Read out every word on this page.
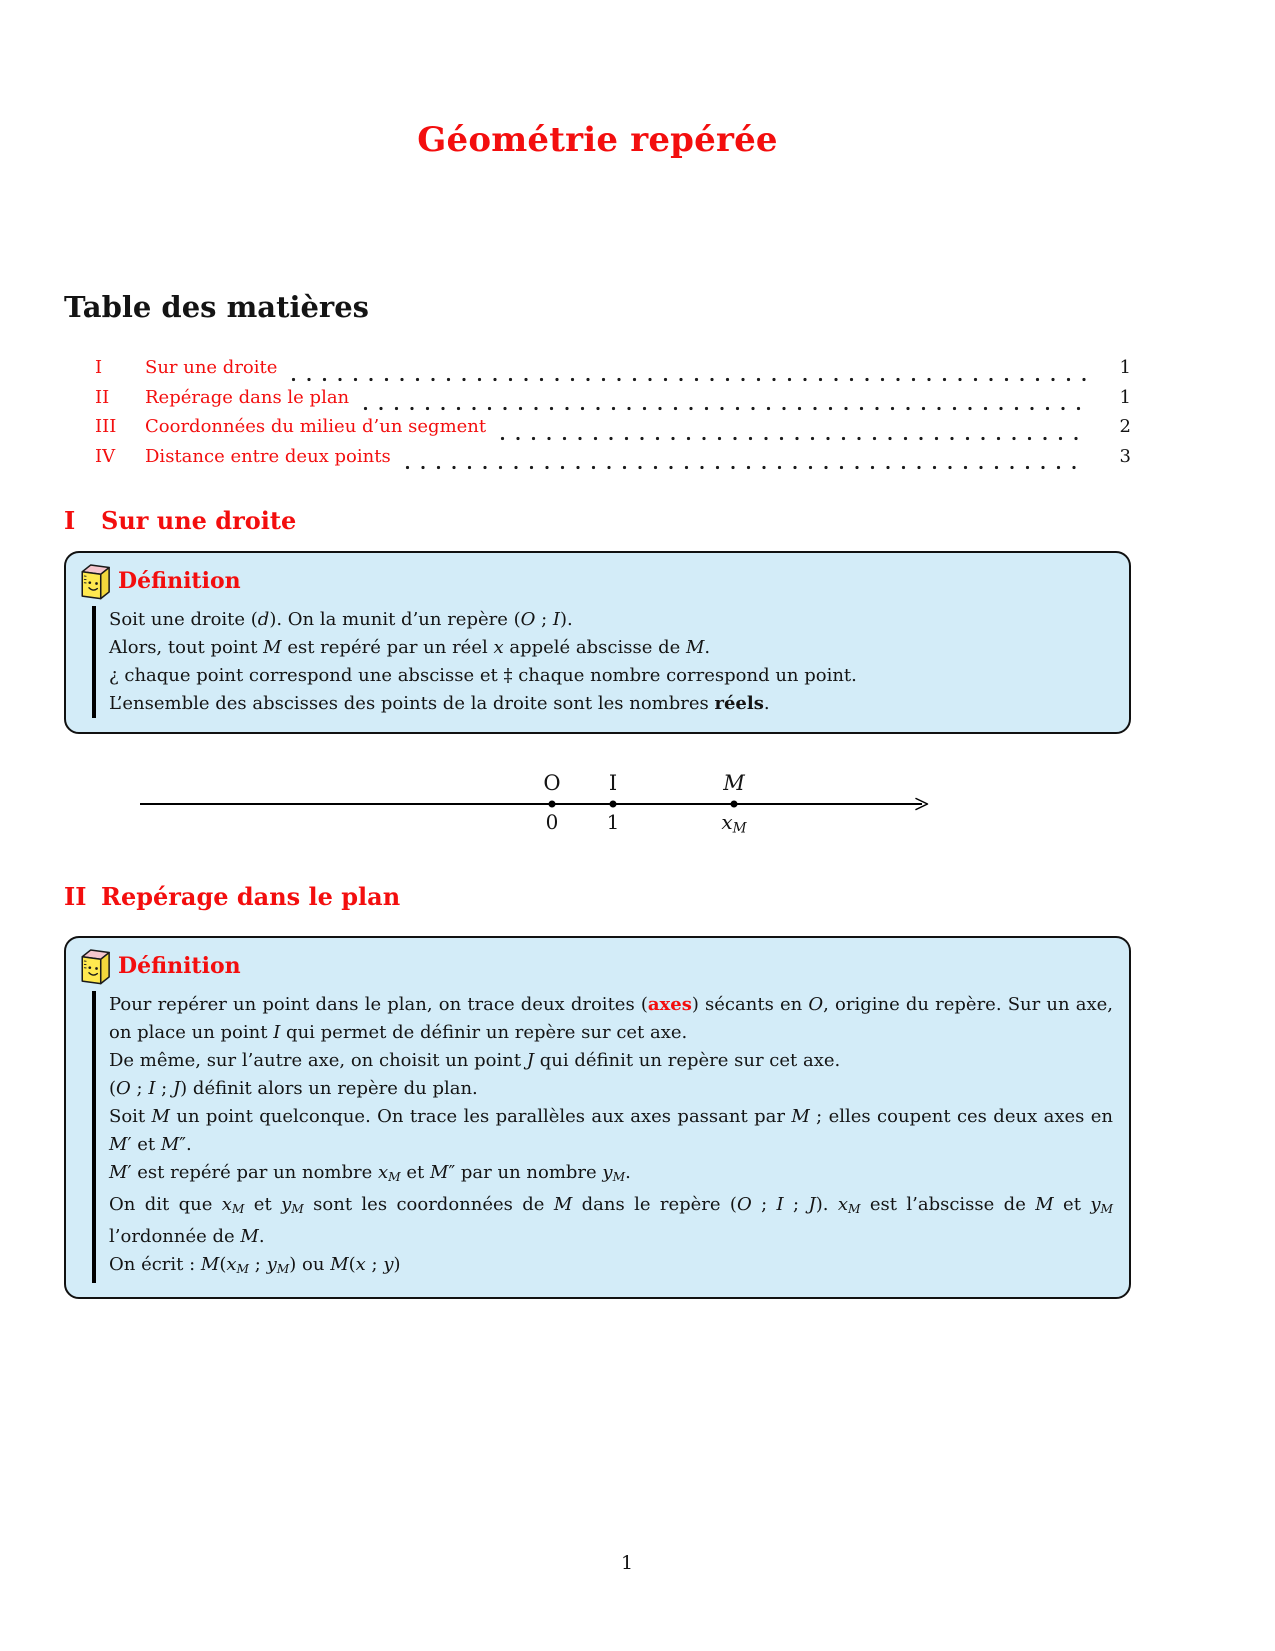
Géométrie repérée
Table des matières
I	Sur une droite	1
II	Repérage dans le plan	1
III	Coordonnées du milieu d’un segment	2
IV	Distance entre deux points	3
I Sur une droite
Définition

Soit une droite (d). On la munit d’un repère (O ; I).

Alors, tout point M est repéré par un réel x appelé abscisse de M.

¿ chaque point correspond une abscisse et ‡ chaque nombre correspond un point.

L’ensemble des abscisses des points de la droite sont les nombres réels.

O I	M
0 1	$x_M$
II Repérage dans le plan
Définition

Pour repérer un point dans le plan, on trace deux droites (axes) sécants en O, origine du repère. Sur un axe, on place un point I qui permet de définir un repère sur cet axe.

De même, sur l’autre axe, on choisit un point J qui définit un repère sur cet axe.

(O ; I ; J) définit alors un repère du plan.

Soit M un point quelconque. On trace les parallèles aux axes passant par M ; elles coupent ces deux axes en M′ et M″.

M′ est repéré par un nombre $x_M$ et M″ par un nombre $y_M$.

On dit que $x_M$ et $y_M$ sont les coordonnées de M dans le repère (O ; I ; J). $x_M$ est l’abscisse de M et $y_M$ l’ordonnée de M.

On écrit : $M(x_M$ ; $y_M$) ou M(x ; y)

1
